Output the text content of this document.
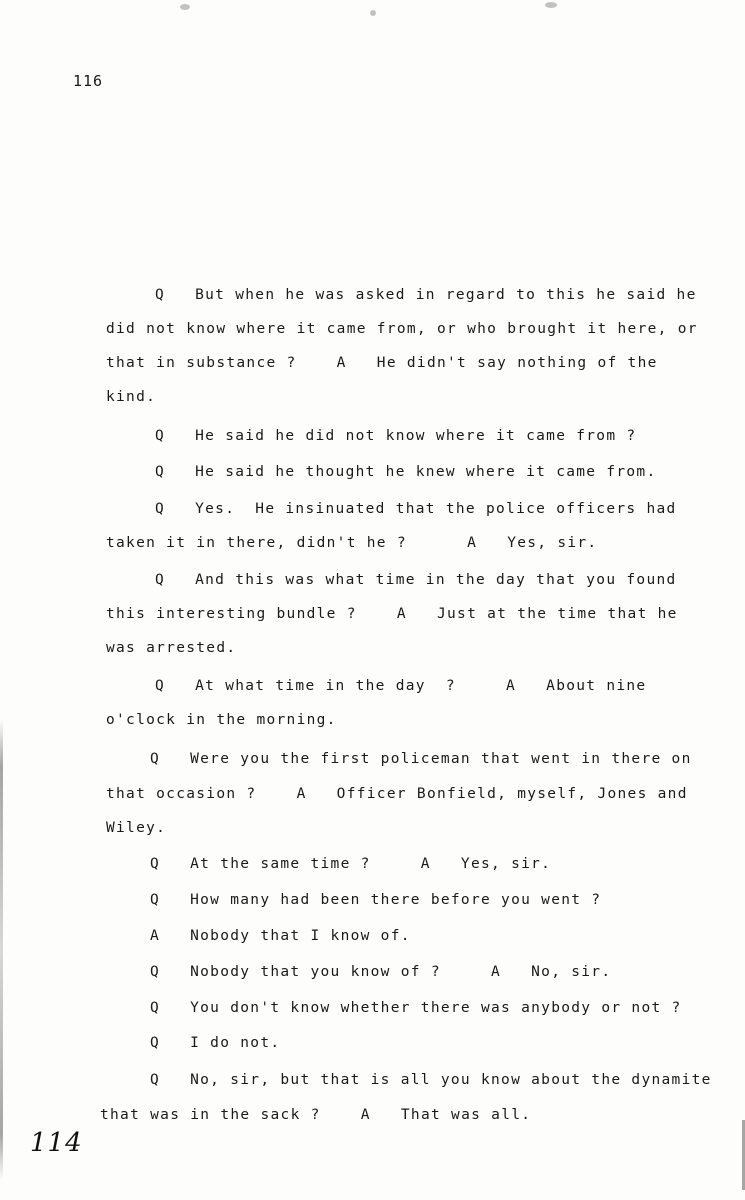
116
Q   But when he was asked in regard to this he said he
did not know where it came from, or who brought it here, or
that in substance ?    A   He didn't say nothing of the
kind.
Q   He said he did not know where it came from ?
Q   He said he thought he knew where it came from.
Q   Yes.  He insinuated that the police officers had
taken it in there, didn't he ?      A   Yes, sir.
Q   And this was what time in the day that you found
this interesting bundle ?    A   Just at the time that he
was arrested.
Q   At what time in the day  ?     A   About nine
o'clock in the morning.
Q   Were you the first policeman that went in there on
that occasion ?    A   Officer Bonfield, myself, Jones and
Wiley.
Q   At the same time ?     A   Yes, sir.
Q   How many had been there before you went ?
A   Nobody that I know of.
Q   Nobody that you know of ?     A   No, sir.
Q   You don't know whether there was anybody or not ?
Q   I do not.
Q   No, sir, but that is all you know about the dynamite
that was in the sack ?    A   That was all.
114
